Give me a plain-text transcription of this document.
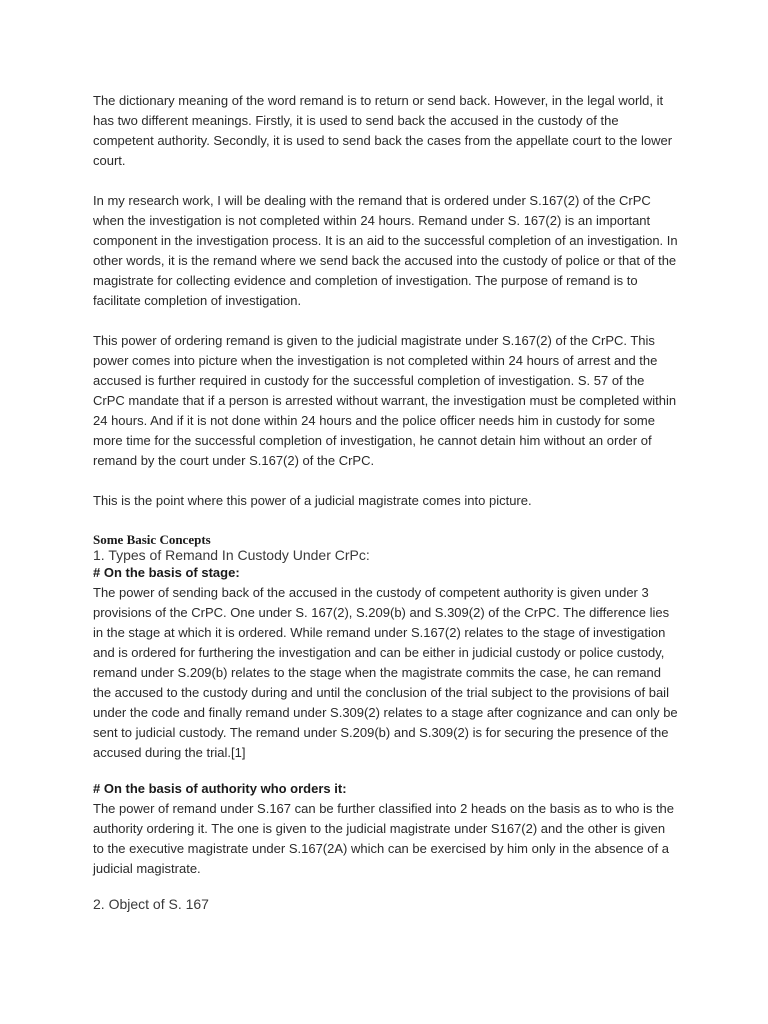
The dictionary meaning of the word remand is to return or send back. However, in the legal world, it has two different meanings. Firstly, it is used to send back the accused in the custody of the competent authority. Secondly, it is used to send back the cases from the appellate court to the lower court.

In my research work, I will be dealing with the remand that is ordered under S.167(2) of the CrPC when the investigation is not completed within 24 hours. Remand under S. 167(2) is an important component in the investigation process. It is an aid to the successful completion of an investigation. In other words, it is the remand where we send back the accused into the custody of police or that of the magistrate for collecting evidence and completion of investigation. The purpose of remand is to facilitate completion of investigation.

This power of ordering remand is given to the judicial magistrate under S.167(2) of the CrPC. This power comes into picture when the investigation is not completed within 24 hours of arrest and the accused is further required in custody for the successful completion of investigation. S. 57 of the CrPC mandate that if a person is arrested without warrant, the investigation must be completed within 24 hours. And if it is not done within 24 hours and the police officer needs him in custody for some more time for the successful completion of investigation, he cannot detain him without an order of remand by the court under S.167(2) of the CrPC.

This is the point where this power of a judicial magistrate comes into picture.

Some Basic Concepts

1. Types of Remand In Custody Under CrPc:

# On the basis of stage:

The power of sending back of the accused in the custody of competent authority is given under 3 provisions of the CrPC. One under S. 167(2), S.209(b) and S.309(2) of the CrPC. The difference lies in the stage at which it is ordered. While remand under S.167(2) relates to the stage of investigation and is ordered for furthering the investigation and can be either in judicial custody or police custody, remand under S.209(b) relates to the stage when the magistrate commits the case, he can remand the accused to the custody during and until the conclusion of the trial subject to the provisions of bail under the code and finally remand under S.309(2) relates to a stage after cognizance and can only be sent to judicial custody. The remand under S.209(b) and S.309(2) is for securing the presence of the accused during the trial.[1]

# On the basis of authority who orders it:

The power of remand under S.167 can be further classified into 2 heads on the basis as to who is the authority ordering it. The one is given to the judicial magistrate under S167(2) and the other is given to the executive magistrate under S.167(2A) which can be exercised by him only in the absence of a judicial magistrate.

2. Object of S. 167
